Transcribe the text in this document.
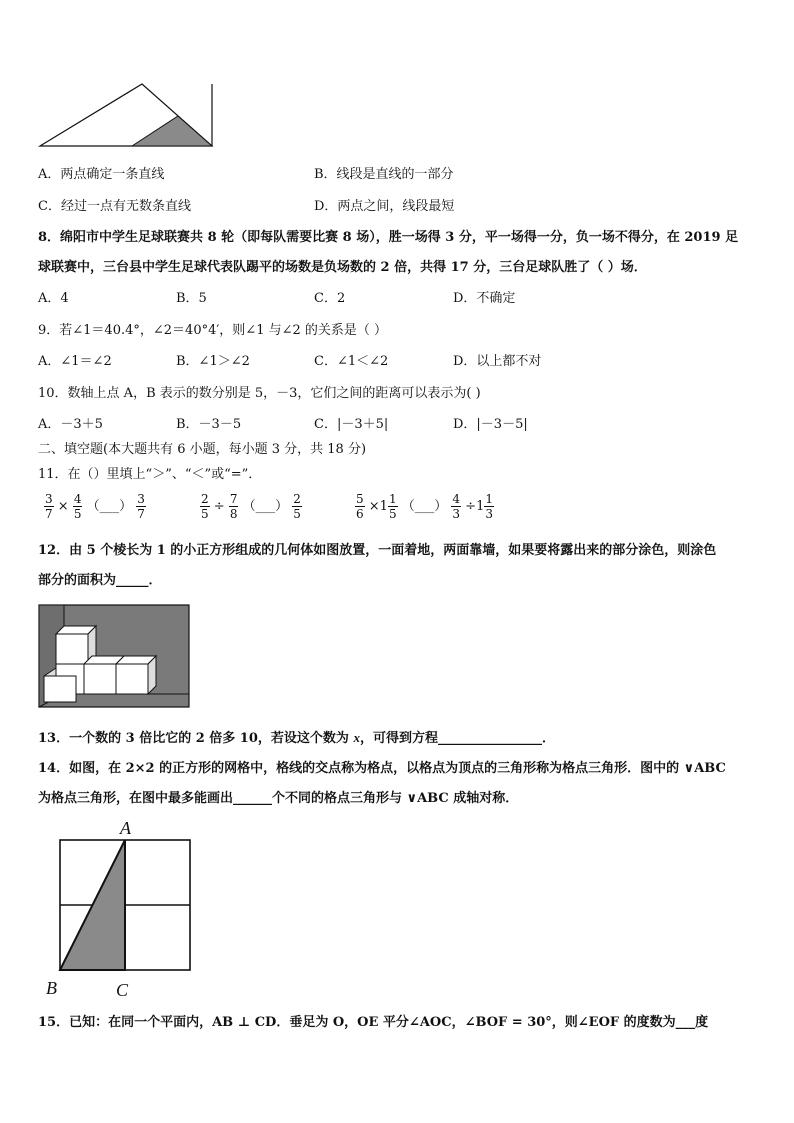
A．两点确定一条直线	B．线段是直线的一部分
C．经过一点有无数条直线	D．两点之间，线段最短
8．绵阳市中学生足球联赛共 8 轮（即每队需要比赛 8 场），胜一场得 3 分，平一场得一分，负一场不得分，在 2019 足
球联赛中，三台县中学生足球代表队踢平的场数是负场数的 2 倍，共得 17 分，三台足球队胜了（ ）场．
A．4	B．5	C．2	D．不确定
9．若∠1＝40.4°，∠2＝40°4′，则∠1 与∠2 的关系是（ ）
A．∠1＝∠2	B．∠1＞∠2	C．∠1＜∠2	D．以上都不对
10．数轴上点 A，B 表示的数分别是 5，－3，它们之间的距离可以表示为( )
A．－3＋5	B．－3－5	C．|－3＋5|	D．|－3－5|
二、填空题(本大题共有 6 小题，每小题 3 分，共 18 分)
11．在（）里填上“＞”、“＜”或“=”．
$\frac{3}{7} \times \frac{4}{5}$ （___） $\frac{3}{7}$	$\frac{2}{5} \div \frac{7}{8}$ （___） $\frac{2}{5}$	$\frac{5}{6} \times 1 \frac{1}{5}$ （___） $\frac{4}{3} \div 1 \frac{1}{3}$
12．由 5 个棱长为 1 的小正方形组成的几何体如图放置，一面着地，两面靠墙，如果要将露出来的部分涂色，则涂色
部分的面积为_____．
13．一个数的 3 倍比它的 2 倍多 10，若设这个数为 x，可得到方程________________．
14．如图，在 2×2 的正方形的网格中，格线的交点称为格点，以格点为顶点的三角形称为格点三角形．图中的 ∨ABC
为格点三角形，在图中最多能画出______个不同的格点三角形与 ∨ABC 成轴对称．
A
B	C
15．已知：在同一个平面内，AB ⊥ CD．垂足为 O，OE 平分∠AOC，∠BOF = 30°，则∠EOF 的度数为___度
